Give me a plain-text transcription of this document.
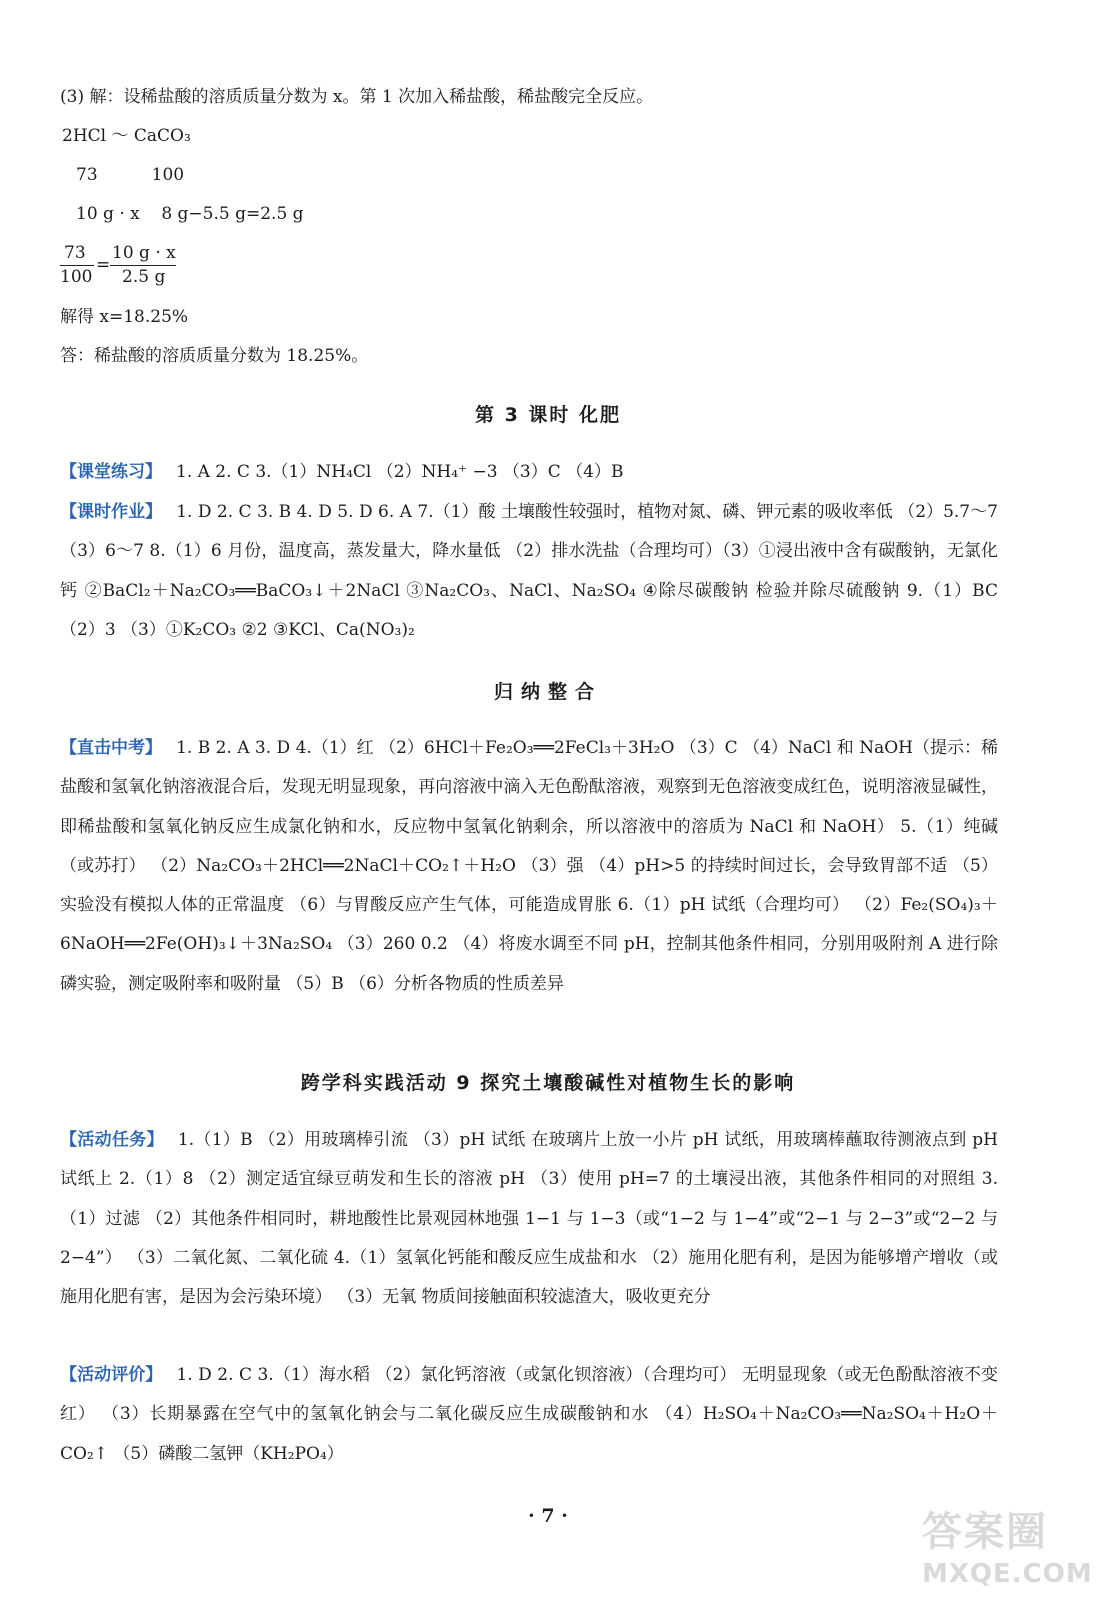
(3) 解：设稀盐酸的溶质质量分数为 x。第 1 次加入稀盐酸，稀盐酸完全反应。
2HCl ～ CaCO₃
73          100
10 g · x    8 g−5.5 g=2.5 g
73
100
=
10 g · x
2.5 g
解得 x=18.25%
答：稀盐酸的溶质质量分数为 18.25%。
第 3 课时 化肥
【课堂练习】 1. A 2. C 3.（1）NH₄Cl （2）NH₄⁺ −3 （3）C （4）B
【课时作业】 1. D 2. C 3. B 4. D 5. D 6. A 7.（1）酸 土壤酸性较强时，植物对氮、磷、钾元素的吸收率低 （2）5.7～7 （3）6～7 8.（1）6 月份，温度高，蒸发量大，降水量低 （2）排水洗盐（合理均可）（3）①浸出液中含有碳酸钠，无氯化钙 ②BaCl₂＋Na₂CO₃══BaCO₃↓＋2NaCl ③Na₂CO₃、NaCl、Na₂SO₄ ④除尽碳酸钠 检验并除尽硫酸钠 9.（1）BC （2）3 （3）①K₂CO₃ ②2 ③KCl、Ca(NO₃)₂
归纳整合
【直击中考】 1. B 2. A 3. D 4.（1）红 （2）6HCl＋Fe₂O₃══2FeCl₃＋3H₂O （3）C （4）NaCl 和 NaOH（提示：稀盐酸和氢氧化钠溶液混合后，发现无明显现象，再向溶液中滴入无色酚酞溶液，观察到无色溶液变成红色，说明溶液显碱性，即稀盐酸和氢氧化钠反应生成氯化钠和水，反应物中氢氧化钠剩余，所以溶液中的溶质为 NaCl 和 NaOH） 5.（1）纯碱（或苏打） （2）Na₂CO₃＋2HCl══2NaCl＋CO₂↑＋H₂O （3）强 （4）pH>5 的持续时间过长，会导致胃部不适 （5）实验没有模拟人体的正常温度 （6）与胃酸反应产生气体，可能造成胃胀 6.（1）pH 试纸（合理均可） （2）Fe₂(SO₄)₃＋6NaOH══2Fe(OH)₃↓＋3Na₂SO₄ （3）260 0.2 （4）将废水调至不同 pH，控制其他条件相同，分别用吸附剂 A 进行除磷实验，测定吸附率和吸附量 （5）B （6）分析各物质的性质差异
跨学科实践活动 9 探究土壤酸碱性对植物生长的影响
【活动任务】 1.（1）B （2）用玻璃棒引流 （3）pH 试纸 在玻璃片上放一小片 pH 试纸，用玻璃棒蘸取待测液点到 pH 试纸上 2.（1）8 （2）测定适宜绿豆萌发和生长的溶液 pH （3）使用 pH=7 的土壤浸出液，其他条件相同的对照组 3.（1）过滤 （2）其他条件相同时，耕地酸性比景观园林地强 1−1 与 1−3（或“1−2 与 1−4”或“2−1 与 2−3”或“2−2 与 2−4”） （3）二氧化氮、二氧化硫 4.（1）氢氧化钙能和酸反应生成盐和水 （2）施用化肥有利，是因为能够增产增收（或施用化肥有害，是因为会污染环境） （3）无氧 物质间接触面积较滤渣大，吸收更充分
【活动评价】 1. D 2. C 3.（1）海水稻 （2）氯化钙溶液（或氯化钡溶液）（合理均可） 无明显现象（或无色酚酞溶液不变红） （3）长期暴露在空气中的氢氧化钠会与二氧化碳反应生成碳酸钠和水 （4）H₂SO₄＋Na₂CO₃══Na₂SO₄＋H₂O＋CO₂↑ （5）磷酸二氢钾（KH₂PO₄）
· 7 ·	答案圈
MXQE.COM
